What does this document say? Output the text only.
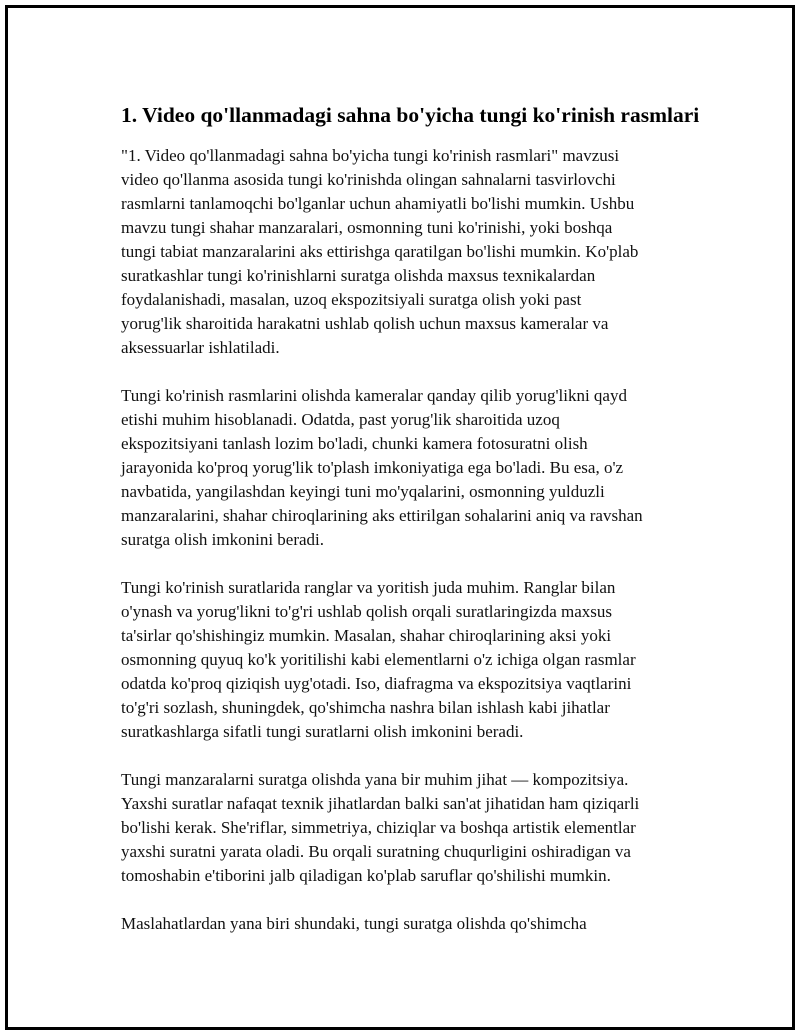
1. Video qo'llanmadagi sahna bo'yicha tungi ko'rinish rasmlari

"1. Video qo'llanmadagi sahna bo'yicha tungi ko'rinish rasmlari" mavzusi
video qo'llanma asosida tungi ko'rinishda olingan sahnalarni tasvirlovchi
rasmlarni tanlamoqchi bo'lganlar uchun ahamiyatli bo'lishi mumkin. Ushbu
mavzu tungi shahar manzaralari, osmonning tuni ko'rinishi, yoki boshqa
tungi tabiat manzaralarini aks ettirishga qaratilgan bo'lishi mumkin. Ko'plab
suratkashlar tungi ko'rinishlarni suratga olishda maxsus texnikalardan
foydalanishadi, masalan, uzoq ekspozitsiyali suratga olish yoki past
yorug'lik sharoitida harakatni ushlab qolish uchun maxsus kameralar va
aksessuarlar ishlatiladi.

Tungi ko'rinish rasmlarini olishda kameralar qanday qilib yorug'likni qayd
etishi muhim hisoblanadi. Odatda, past yorug'lik sharoitida uzoq
ekspozitsiyani tanlash lozim bo'ladi, chunki kamera fotosuratni olish
jarayonida ko'proq yorug'lik to'plash imkoniyatiga ega bo'ladi. Bu esa, o'z
navbatida, yangilashdan keyingi tuni mo'yqalarini, osmonning yulduzli
manzaralarini, shahar chiroqlarining aks ettirilgan sohalarini aniq va ravshan
suratga olish imkonini beradi.

Tungi ko'rinish suratlarida ranglar va yoritish juda muhim. Ranglar bilan
o'ynash va yorug'likni to'g'ri ushlab qolish orqali suratlaringizda maxsus
ta'sirlar qo'shishingiz mumkin. Masalan, shahar chiroqlarining aksi yoki
osmonning quyuq ko'k yoritilishi kabi elementlarni o'z ichiga olgan rasmlar
odatda ko'proq qiziqish uyg'otadi. Iso, diafragma va ekspozitsiya vaqtlarini
to'g'ri sozlash, shuningdek, qo'shimcha nashra bilan ishlash kabi jihatlar
suratkashlarga sifatli tungi suratlarni olish imkonini beradi.

Tungi manzaralarni suratga olishda yana bir muhim jihat — kompozitsiya.
Yaxshi suratlar nafaqat texnik jihatlardan balki san'at jihatidan ham qiziqarli
bo'lishi kerak. She'riflar, simmetriya, chiziqlar va boshqa artistik elementlar
yaxshi suratni yarata oladi. Bu orqali suratning chuqurligini oshiradigan va
tomoshabin e'tiborini jalb qiladigan ko'plab saruflar qo'shilishi mumkin.

Maslahatlardan yana biri shundaki, tungi suratga olishda qo'shimcha
